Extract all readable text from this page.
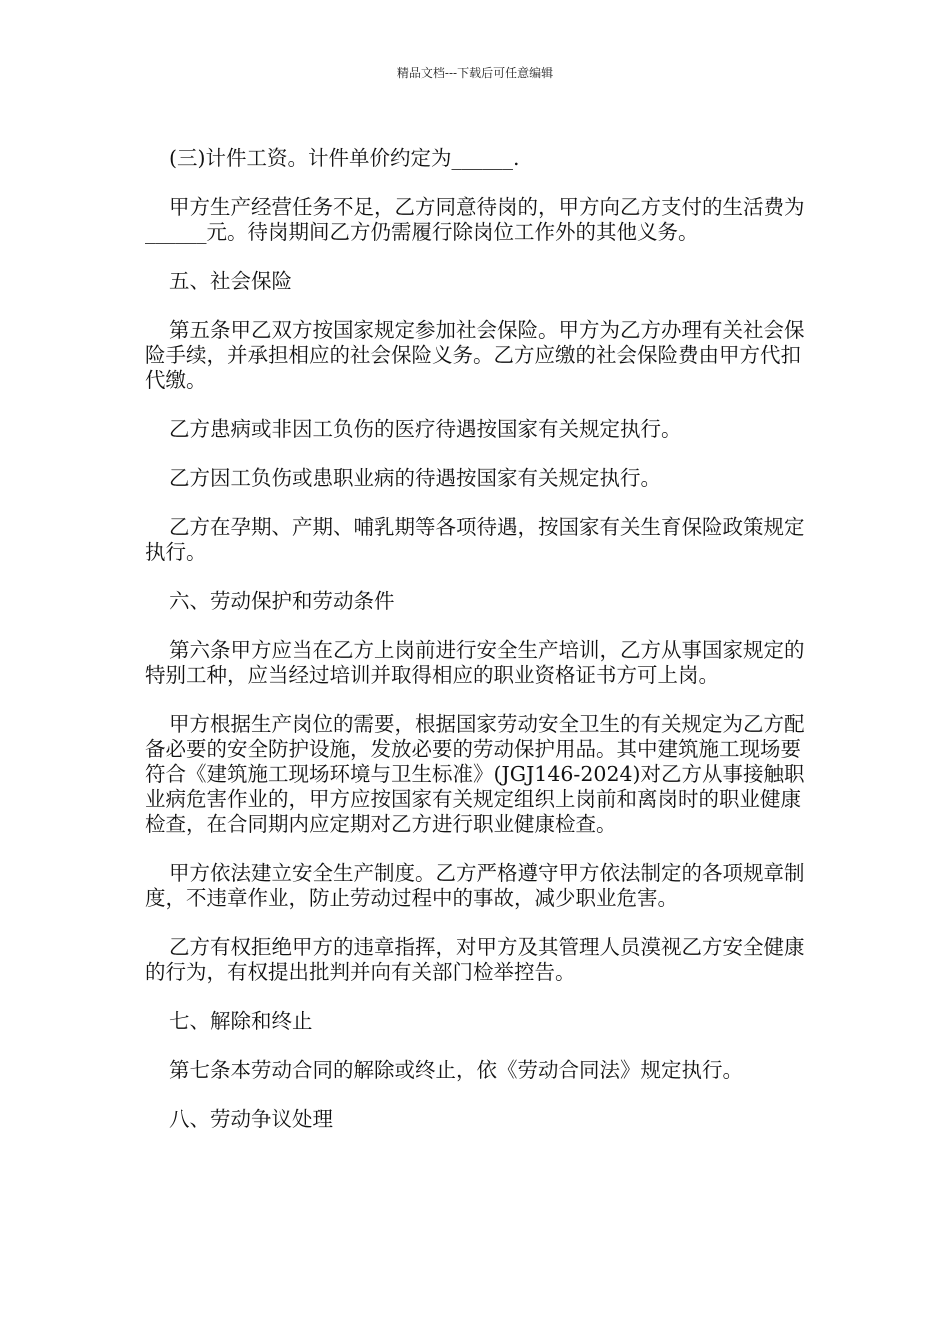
精品文档---下载后可任意编辑

(三)计件工资。计件单价约定为______.

甲方生产经营任务不足，乙方同意待岗的，甲方向乙方支付的生活费为______元。待岗期间乙方仍需履行除岗位工作外的其他义务。

五、社会保险

第五条甲乙双方按国家规定参加社会保险。甲方为乙方办理有关社会保险手续，并承担相应的社会保险义务。乙方应缴的社会保险费由甲方代扣代缴。

乙方患病或非因工负伤的医疗待遇按国家有关规定执行。

乙方因工负伤或患职业病的待遇按国家有关规定执行。

乙方在孕期、产期、哺乳期等各项待遇，按国家有关生育保险政策规定执行。

六、劳动保护和劳动条件

第六条甲方应当在乙方上岗前进行安全生产培训，乙方从事国家规定的特别工种，应当经过培训并取得相应的职业资格证书方可上岗。

甲方根据生产岗位的需要，根据国家劳动安全卫生的有关规定为乙方配备必要的安全防护设施，发放必要的劳动保护用品。其中建筑施工现场要符合《建筑施工现场环境与卫生标准》(JGJ146-2024)对乙方从事接触职业病危害作业的，甲方应按国家有关规定组织上岗前和离岗时的职业健康检查，在合同期内应定期对乙方进行职业健康检查。

甲方依法建立安全生产制度。乙方严格遵守甲方依法制定的各项规章制度，不违章作业，防止劳动过程中的事故，减少职业危害。

乙方有权拒绝甲方的违章指挥，对甲方及其管理人员漠视乙方安全健康的行为，有权提出批判并向有关部门检举控告。

七、解除和终止

第七条本劳动合同的解除或终止，依《劳动合同法》规定执行。

八、劳动争议处理
